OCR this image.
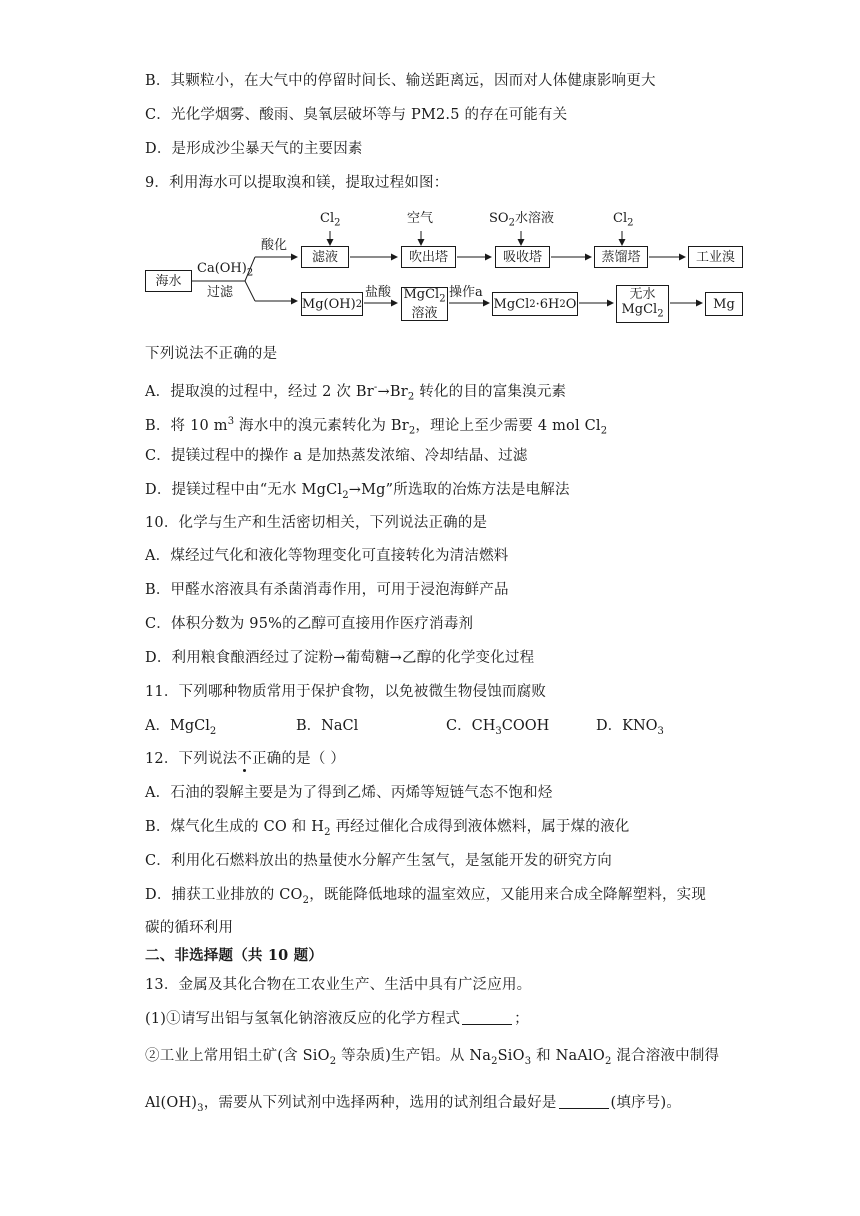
B．其颗粒小，在大气中的停留时间长、输送距离远，因而对人体健康影响更大
C．光化学烟雾、酸雨、臭氧层破坏等与 PM2.5 的存在可能有关
D．是形成沙尘暴天气的主要因素
9．利用海水可以提取溴和镁，提取过程如图：
海水
$Ca(OH)_2$
过滤
酸化
滤液
$Cl_2$
吹出塔
空气
吸收塔
$SO_2$水溶液
蒸馏塔
$Cl_2$
工业溴
Mg(OH) 2
盐酸 MgCl$_2$
溶液
操作a
MgCl 2 ·6H 2 O
无水
MgCl$_2$
Mg
下列说法不正确的是
A．提取溴的过程中，经过 2 次 $Br^-\to Br_2$ 转化的目的富集溴元素
B．将 10 $m^3$ 海水中的溴元素转化为 $Br_2$，理论上至少需要 4 mol $Cl_2$
C．提镁过程中的操作 a 是加热蒸发浓缩、冷却结晶、过滤
D．提镁过程中由“无水 MgCl$_2$→Mg”所选取的冶炼方法是电解法
10．化学与生产和生活密切相关，下列说法正确的是
A．煤经过气化和液化等物理变化可直接转化为清洁燃料
B．甲醛水溶液具有杀菌消毒作用，可用于浸泡海鲜产品
C．体积分数为 95%的乙醇可直接用作医疗消毒剂
D．利用粮食酿酒经过了淀粉→葡萄糖→乙醇的化学变化过程
11．下列哪种物质常用于保护食物，以免被微生物侵蚀而腐败
A．MgCl$_2$	B．NaCl	C．$CH_3COOH$	D．$KNO_3$
12．下列说法不正确的是（ ）
A．石油的裂解主要是为了得到乙烯、丙烯等短链气态不饱和烃
B．煤气化生成的 CO 和 $H_2$ 再经过催化合成得到液体燃料，属于煤的液化
C．利用化石燃料放出的热量使水分解产生氢气，是氢能开发的研究方向
D．捕获工业排放的 $CO_2$，既能降低地球的温室效应，又能用来合成全降解塑料，实现
碳的循环利用
二、非选择题（共 10 题）
13．金属及其化合物在工农业生产、生活中具有广泛应用。
(1)①请写出铝与氢氧化钠溶液反应的化学方程式	；
②工业上常用铝土矿(含 SiO$_2$ 等杂质)生产铝。从 $Na_2SiO_3$ 和 NaAlO$_2$ 混合溶液中制得
$Al(OH)_3$，需要从下列试剂中选择两种，选用的试剂组合最好是	(填序号)。
